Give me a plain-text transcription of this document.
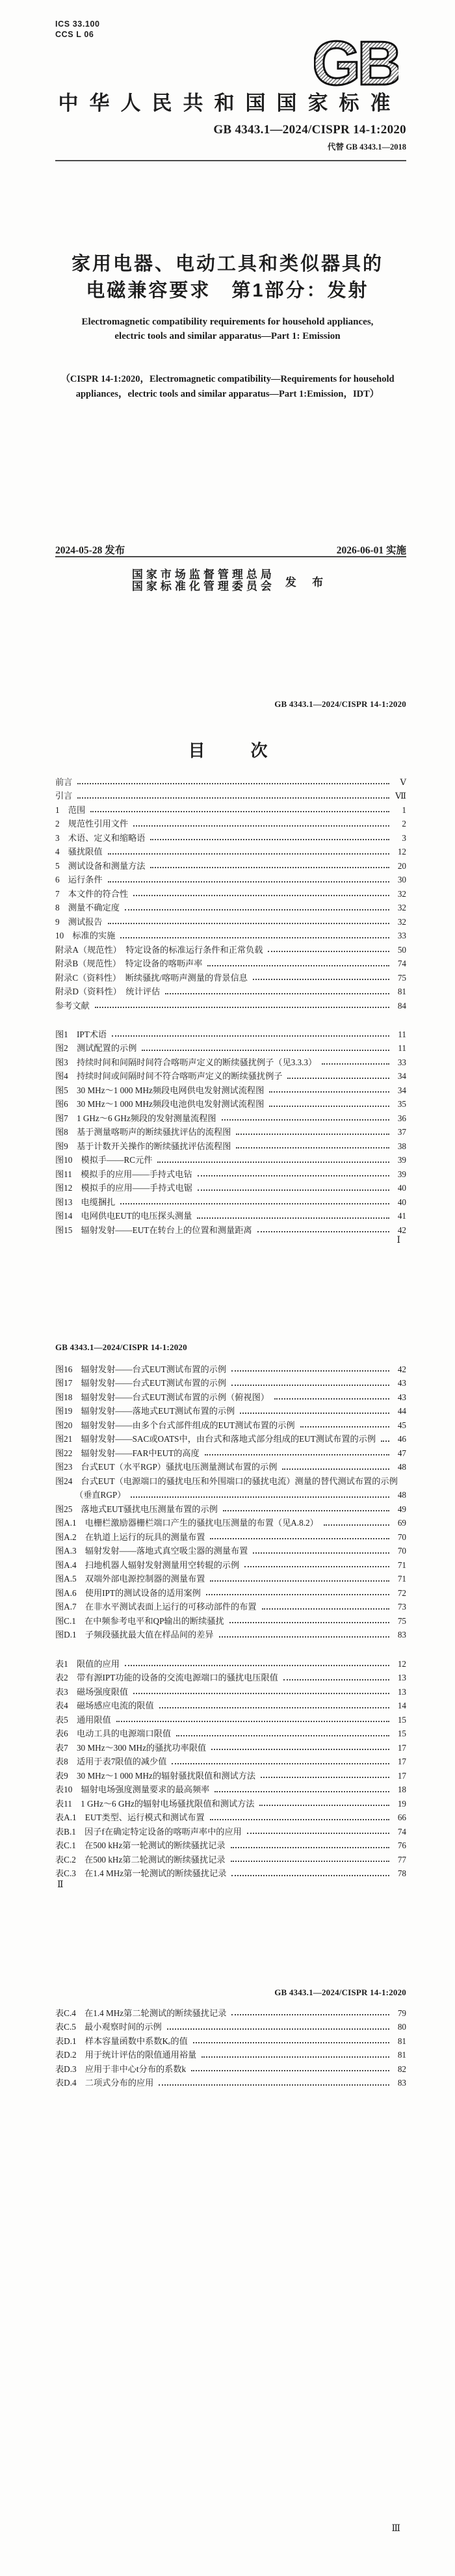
ICS 33.100
CCS L 06	GB
中华人民共和国国家标准
GB 4343.1—2024/CISPR 14-1:2020
代替 GB 4343.1—2018
家用电器、电动工具和类似器具的
电磁兼容要求　第1部分：发射
Electromagnetic compatibility requirements for household appliances,
electric tools and similar apparatus—Part 1: Emission
（CISPR 14-1:2020，Electromagnetic compatibility—Requirements for household
appliances，electric tools and similar apparatus—Part 1:Emission，IDT）
2024-05-28 发布	2026-06-01 实施
国家市场监督管理总局
国家标准化管理委员会 发 布
GB 4343.1—2024/CISPR 14-1:2020
目　　次
前言	Ⅴ
引言	Ⅶ
1　范围	1
2　规范性引用文件	2
3　术语、定义和缩略语	3
4　骚扰限值	12
5　测试设备和测量方法	20
6　运行条件	30
7　本文件的符合性	32
8　测量不确定度	32
9　测试报告	32
10　标准的实施	33
附录A（规范性）　特定设备的标准运行条件和正常负载	50
附录B（规范性）　特定设备的喀呖声率	74
附录C（资料性）　断续骚扰/喀呖声测量的背景信息	75
附录D（资料性）　统计评估	81
参考文献	84
图1　IPT术语	11
图2　测试配置的示例	11
图3　持续时间和间隔时间符合喀呖声定义的断续骚扰例子（见3.3.3）	33
图4　持续时间或间隔时间不符合喀呖声定义的断续骚扰例子	34
图5　30 MHz～1 000 MHz频段电网供电发射测试流程图	34
图6　30 MHz～1 000 MHz频段电池供电发射测试流程图	35
图7　1 GHz～6 GHz频段的发射测量流程图	36
图8　基于测量喀呖声的断续骚扰评估的流程图	37
图9　基于计数开关操作的断续骚扰评估流程图	38
图10　模拟手——RC元件	39
图11　模拟手的应用——手持式电钻	39
图12　模拟手的应用——手持式电锯	40
图13　电缆捆扎	40
图14　电网供电EUT的电压探头测量	41
图15　辐射发射——EUT在转台上的位置和测量距离	42
Ⅰ
GB 4343.1—2024/CISPR 14-1:2020
图16　辐射发射——台式EUT测试布置的示例	42
图17　辐射发射——台式EUT测试布置的示例	43
图18　辐射发射——台式EUT测试布置的示例（俯视图）	43
图19　辐射发射——落地式EUT测试布置的示例	44
图20　辐射发射——由多个台式部件组成的EUT测试布置的示例	45
图21　辐射发射——SAC或OATS中，由台式和落地式部分组成的EUT测试布置的示例	46
图22　辐射发射——FAR中EUT的高度	47
图23　台式EUT（水平RGP）骚扰电压测量测试布置的示例	48
图24　台式EUT（电源端口的骚扰电压和外围端口的骚扰电流）测量的替代测试布置的示例
（垂直RGP）	48
图25　落地式EUT骚扰电压测量布置的示例	49
图A.1　电栅栏激励器栅栏端口产生的骚扰电压测量的布置（见A.8.2）	69
图A.2　在轨道上运行的玩具的测量布置	70
图A.3　辐射发射——落地式真空吸尘器的测量布置	70
图A.4　扫地机器人辐射发射测量用空转辊的示例	71
图A.5　双端外部电源控制器的测量布置	71
图A.6　使用IPT的测试设备的适用案例	72
图A.7　在非水平测试表面上运行的可移动部件的布置	73
图C.1　在中频参考电平和QP输出的断续骚扰	75
图D.1　子频段骚扰最大值在样品间的差异	83
表1　限值的应用	12
表2　带有源IPT功能的设备的交流电源端口的骚扰电压限值	13
表3　磁场强度限值	13
表4　磁场感应电流的限值	14
表5　通用限值	15
表6　电动工具的电源端口限值	15
表7　30 MHz～300 MHz的骚扰功率限值	17
表8　适用于表7限值的减少值	17
表9　30 MHz～1 000 MHz的辐射骚扰限值和测试方法	17
表10　辐射电场强度测量要求的最高频率	18
表11　1 GHz～6 GHz的辐射电场骚扰限值和测试方法	19
表A.1　EUT类型、运行模式和测试布置	66
表B.1　因子f在确定特定设备的喀呖声率中的应用	74
表C.1　在500 kHz第一轮测试的断续骚扰记录	76
表C.2　在500 kHz第二轮测试的断续骚扰记录	77
表C.3　在1.4 MHz第一轮测试的断续骚扰记录	78
Ⅱ
GB 4343.1—2024/CISPR 14-1:2020
表C.4　在1.4 MHz第二轮测试的断续骚扰记录	79
表C.5　最小观察时间的示例	80
表D.1　样本容量函数中系数Kₑ的值	81
表D.2　用于统计评估的限值通用裕量	81
表D.3　应用于非中心t分布的系数k	82
表D.4　二项式分布的应用	83
Ⅲ
